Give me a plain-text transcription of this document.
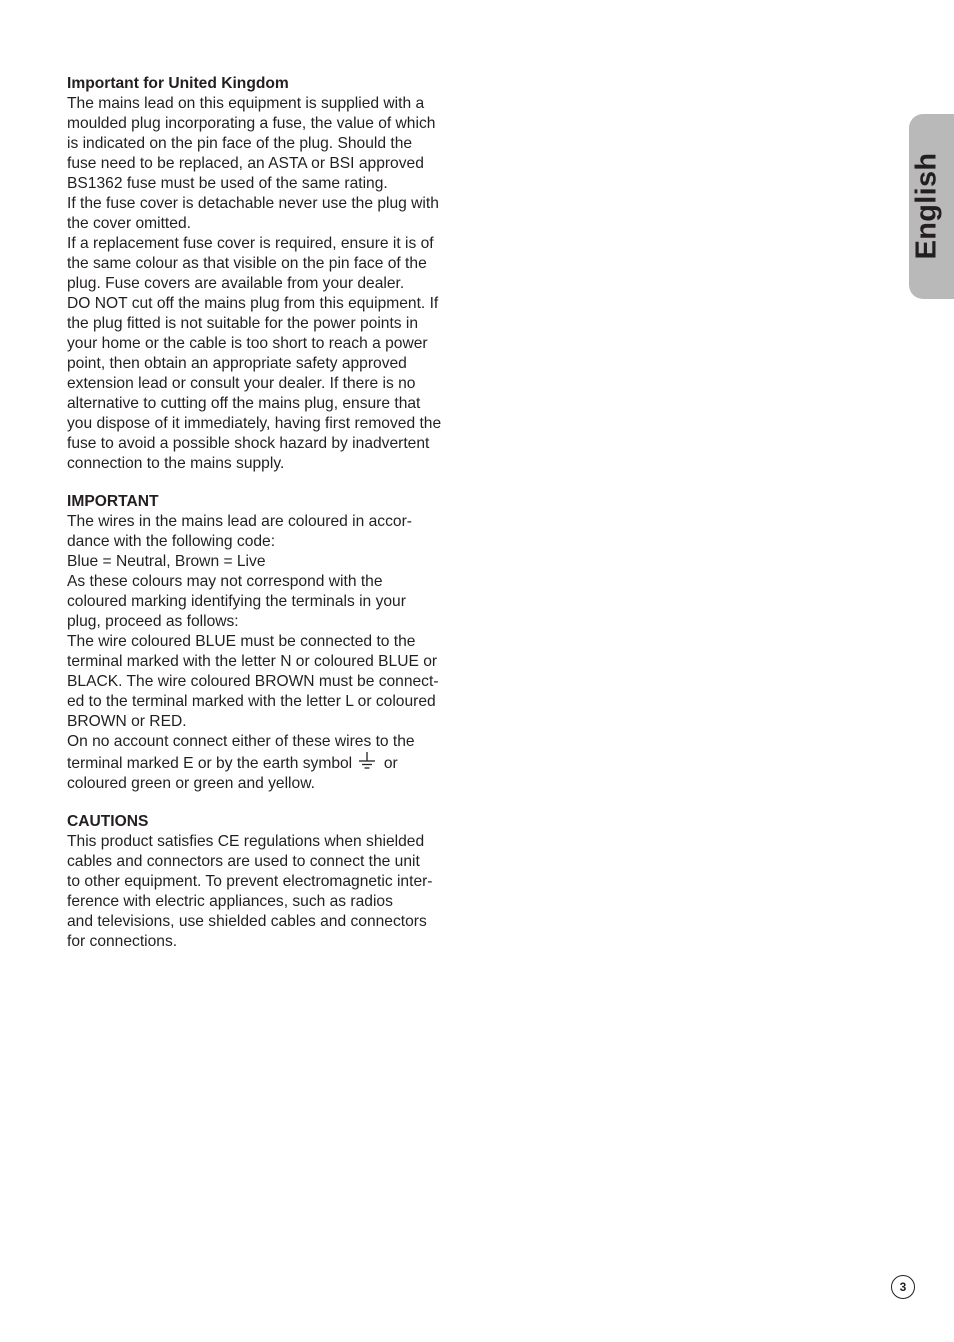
English
Important for United Kingdom
The mains lead on this equipment is supplied with a
moulded plug incorporating a fuse, the value of which
is indicated on the pin face of the plug. Should the
fuse need to be replaced, an ASTA or BSI approved
BS1362 fuse must be used of the same rating.
If the fuse cover is detachable never use the plug with
the cover omitted.
If a replacement fuse cover is required, ensure it is of
the same colour as that visible on the pin face of the
plug. Fuse covers are available from your dealer.
DO NOT cut off the mains plug from this equipment. If
the plug fitted is not suitable for the power points in
your home or the cable is too short to reach a power
point, then obtain an appropriate safety approved
extension lead or consult your dealer. If there is no
alternative to cutting off the mains plug, ensure that
you dispose of it immediately, having first removed the
fuse to avoid a possible shock hazard by inadvertent
connection to the mains supply.
IMPORTANT
The wires in the mains lead are coloured in accor-
dance with the following code:
Blue = Neutral, Brown = Live
As these colours may not correspond with the
coloured marking identifying the terminals in your
plug, proceed as follows:
The wire coloured BLUE must be connected to the
terminal marked with the letter N or coloured BLUE or
BLACK. The wire coloured BROWN must be connect-
ed to the terminal marked with the letter L or coloured
BROWN or RED.
On no account connect either of these wires to the
terminal marked E or by the earth symbol or
coloured green or green and yellow.
CAUTIONS
This product satisfies CE regulations when shielded
cables and connectors are used to connect the unit
to other equipment. To prevent electromagnetic inter-
ference with electric appliances, such as radios
and televisions, use shielded cables and connectors
for connections.
3
